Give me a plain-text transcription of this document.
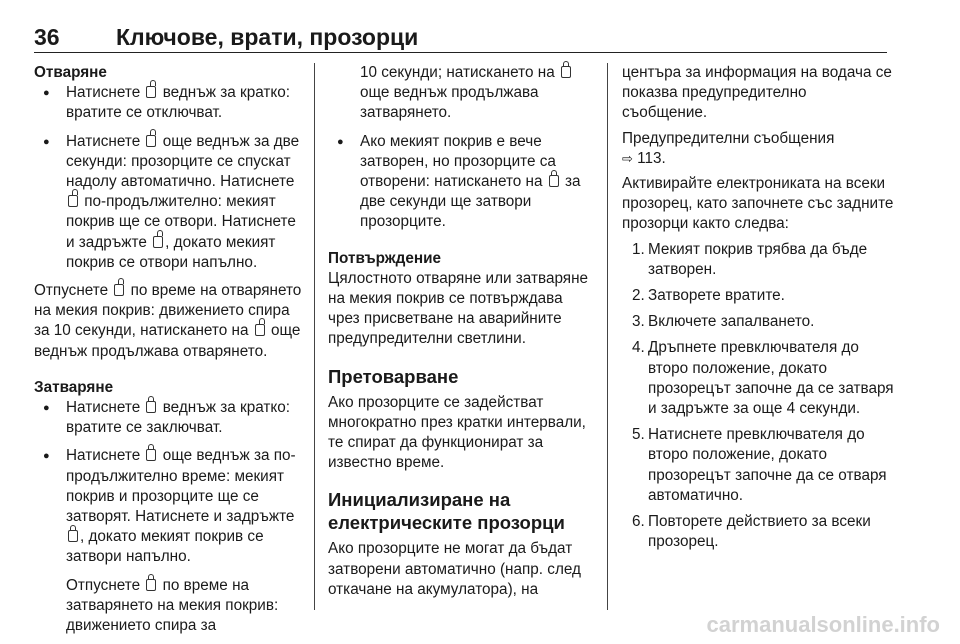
36 Ключове, врати, прозорци

Отваряне

● Натиснете веднъж за кратко: вратите се отключват.
● Натиснете още веднъж за две секунди: прозорците се спускат надолу автоматично. Натиснете  по-продължително: мекият покрив ще се отвори. Натиснете и задръжте , докато мекият покрив се отвори напълно.

Отпуснете по време на отварянето на мекия покрив: движението спира за 10 секунди, натискането на още веднъж продължава отварянето.

Затваряне

● Натиснете веднъж за кратко: вратите се заключват.
● Натиснете още веднъж за по-продължително време: мекият покрив и прозорците ще се затворят. Натиснете и задръжте , докато мекият покрив се затвори напълно.
Отпуснете по време на затварянето на мекия покрив: движението спира за
10 секунди; натискането на  още веднъж продължава затварянето.
● Ако мекият покрив е вече затворен, но прозорците са отворени: натискането на за две секунди ще затвори прозорците.

Потвърждение

Цялостното отваряне или затваряне на мекия покрив се потвърждава чрез присветване на аварийните предупредителни светлини.

Претоварване

Ако прозорците се задействат многократно през кратки интервали, те спират да функционират за известно време.

Инициализиране на електрическите прозорци

Ако прозорците не могат да бъдат затворени автоматично (напр. след откачане на акумулатора), на

центъра за информация на водача се показва предупредително съобщение.

Предупредителни съобщения

⇨ 113.

Активирайте електрониката на всеки прозорец, като започнете със задните прозорци както следва:

1. Мекият покрив трябва да бъде затворен.
2. Затворете вратите.
3. Включете запалването.
4. Дръпнете превключвателя до второ положение, докато прозорецът започне да се затваря и задръжте за още 4 секунди.
5. Натиснете превключвателя до второ положение, докато прозорецът започне да се отваря автоматично.
6. Повторете действието за всеки прозорец.
carmanualsonline.info
